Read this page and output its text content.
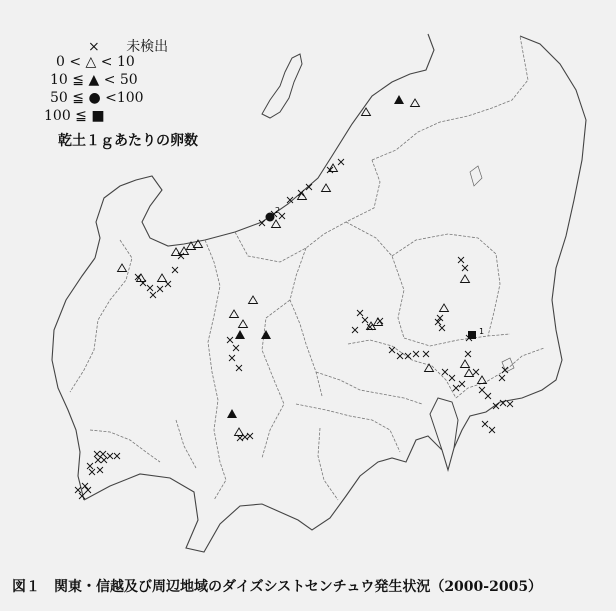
2
1
× 未検出
0 < △ < 10
10 ≦ ▲ < 50
50 ≦ ● <100
100 ≦ ■
乾土１ｇあたりの卵数
図１　関東・信越及び周辺地域のダイズシストセンチュウ発生状況（2000-2005）
